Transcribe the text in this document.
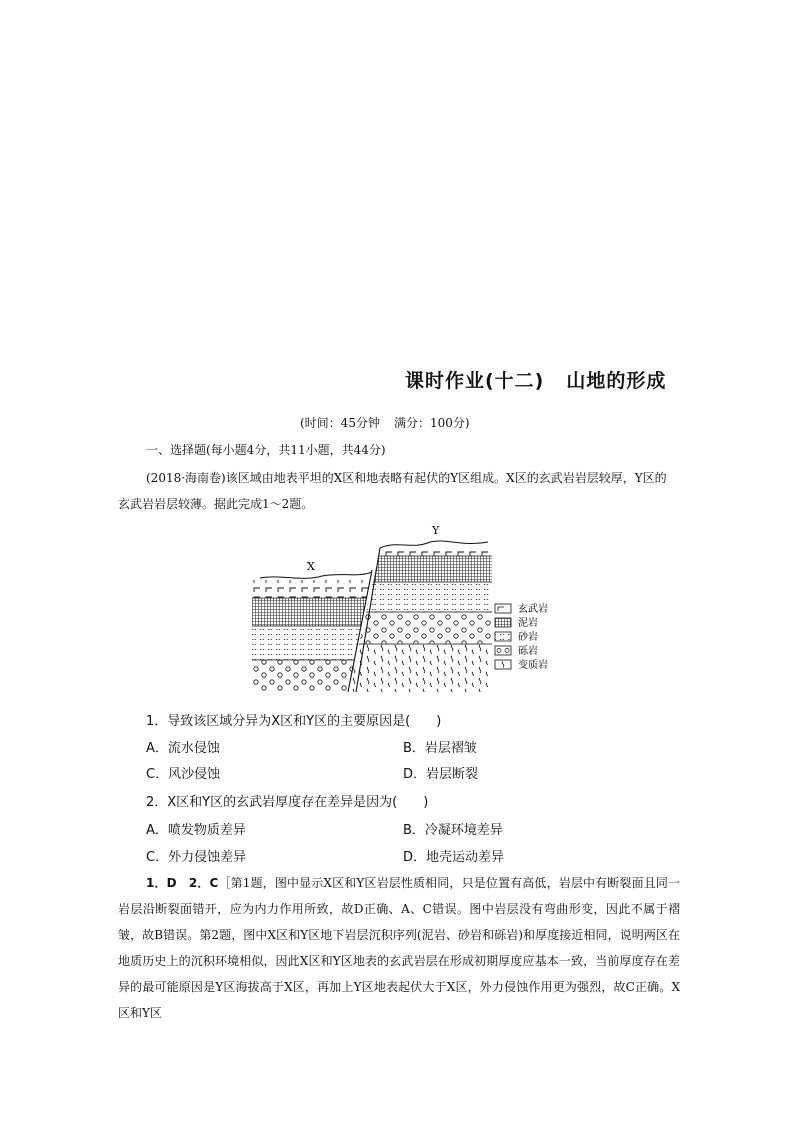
课时作业(十二) 山地的形成
(时间：45分钟 满分：100分)
一、选择题(每小题4分，共11小题，共44分)
(2018·海南卷)该区域由地表平坦的X区和地表略有起伏的Y区组成。X区的玄武岩岩层较厚，Y区的玄武岩岩层较薄。据此完成1～2题。
X
Y
玄武岩
泥岩
砂岩
砾岩
变质岩
1．导致该区域分异为X区和Y区的主要原因是(　　)
A．流水侵蚀	B．岩层褶皱
C．风沙侵蚀	D．岩层断裂
2．X区和Y区的玄武岩厚度存在差异是因为(　　)
A．喷发物质差异	B．冷凝环境差异
C．外力侵蚀差异	D．地壳运动差异
1．D　2．C［第1题，图中显示X区和Y区岩层性质相同，只是位置有高低，岩层中有断裂面且同一岩层沿断裂面错开，应为内力作用所致，故D正确、A、C错误。图中岩层没有弯曲形变，因此不属于褶皱，故B错误。第2题，图中X区和Y区地下岩层沉积序列(泥岩、砂岩和砾岩)和厚度接近相同，说明两区在地质历史上的沉积环境相似，因此X区和Y区地表的玄武岩层在形成初期厚度应基本一致，当前厚度存在差异的最可能原因是Y区海拔高于X区，再加上Y区地表起伏大于X区，外力侵蚀作用更为强烈，故C正确。X区和Y区
